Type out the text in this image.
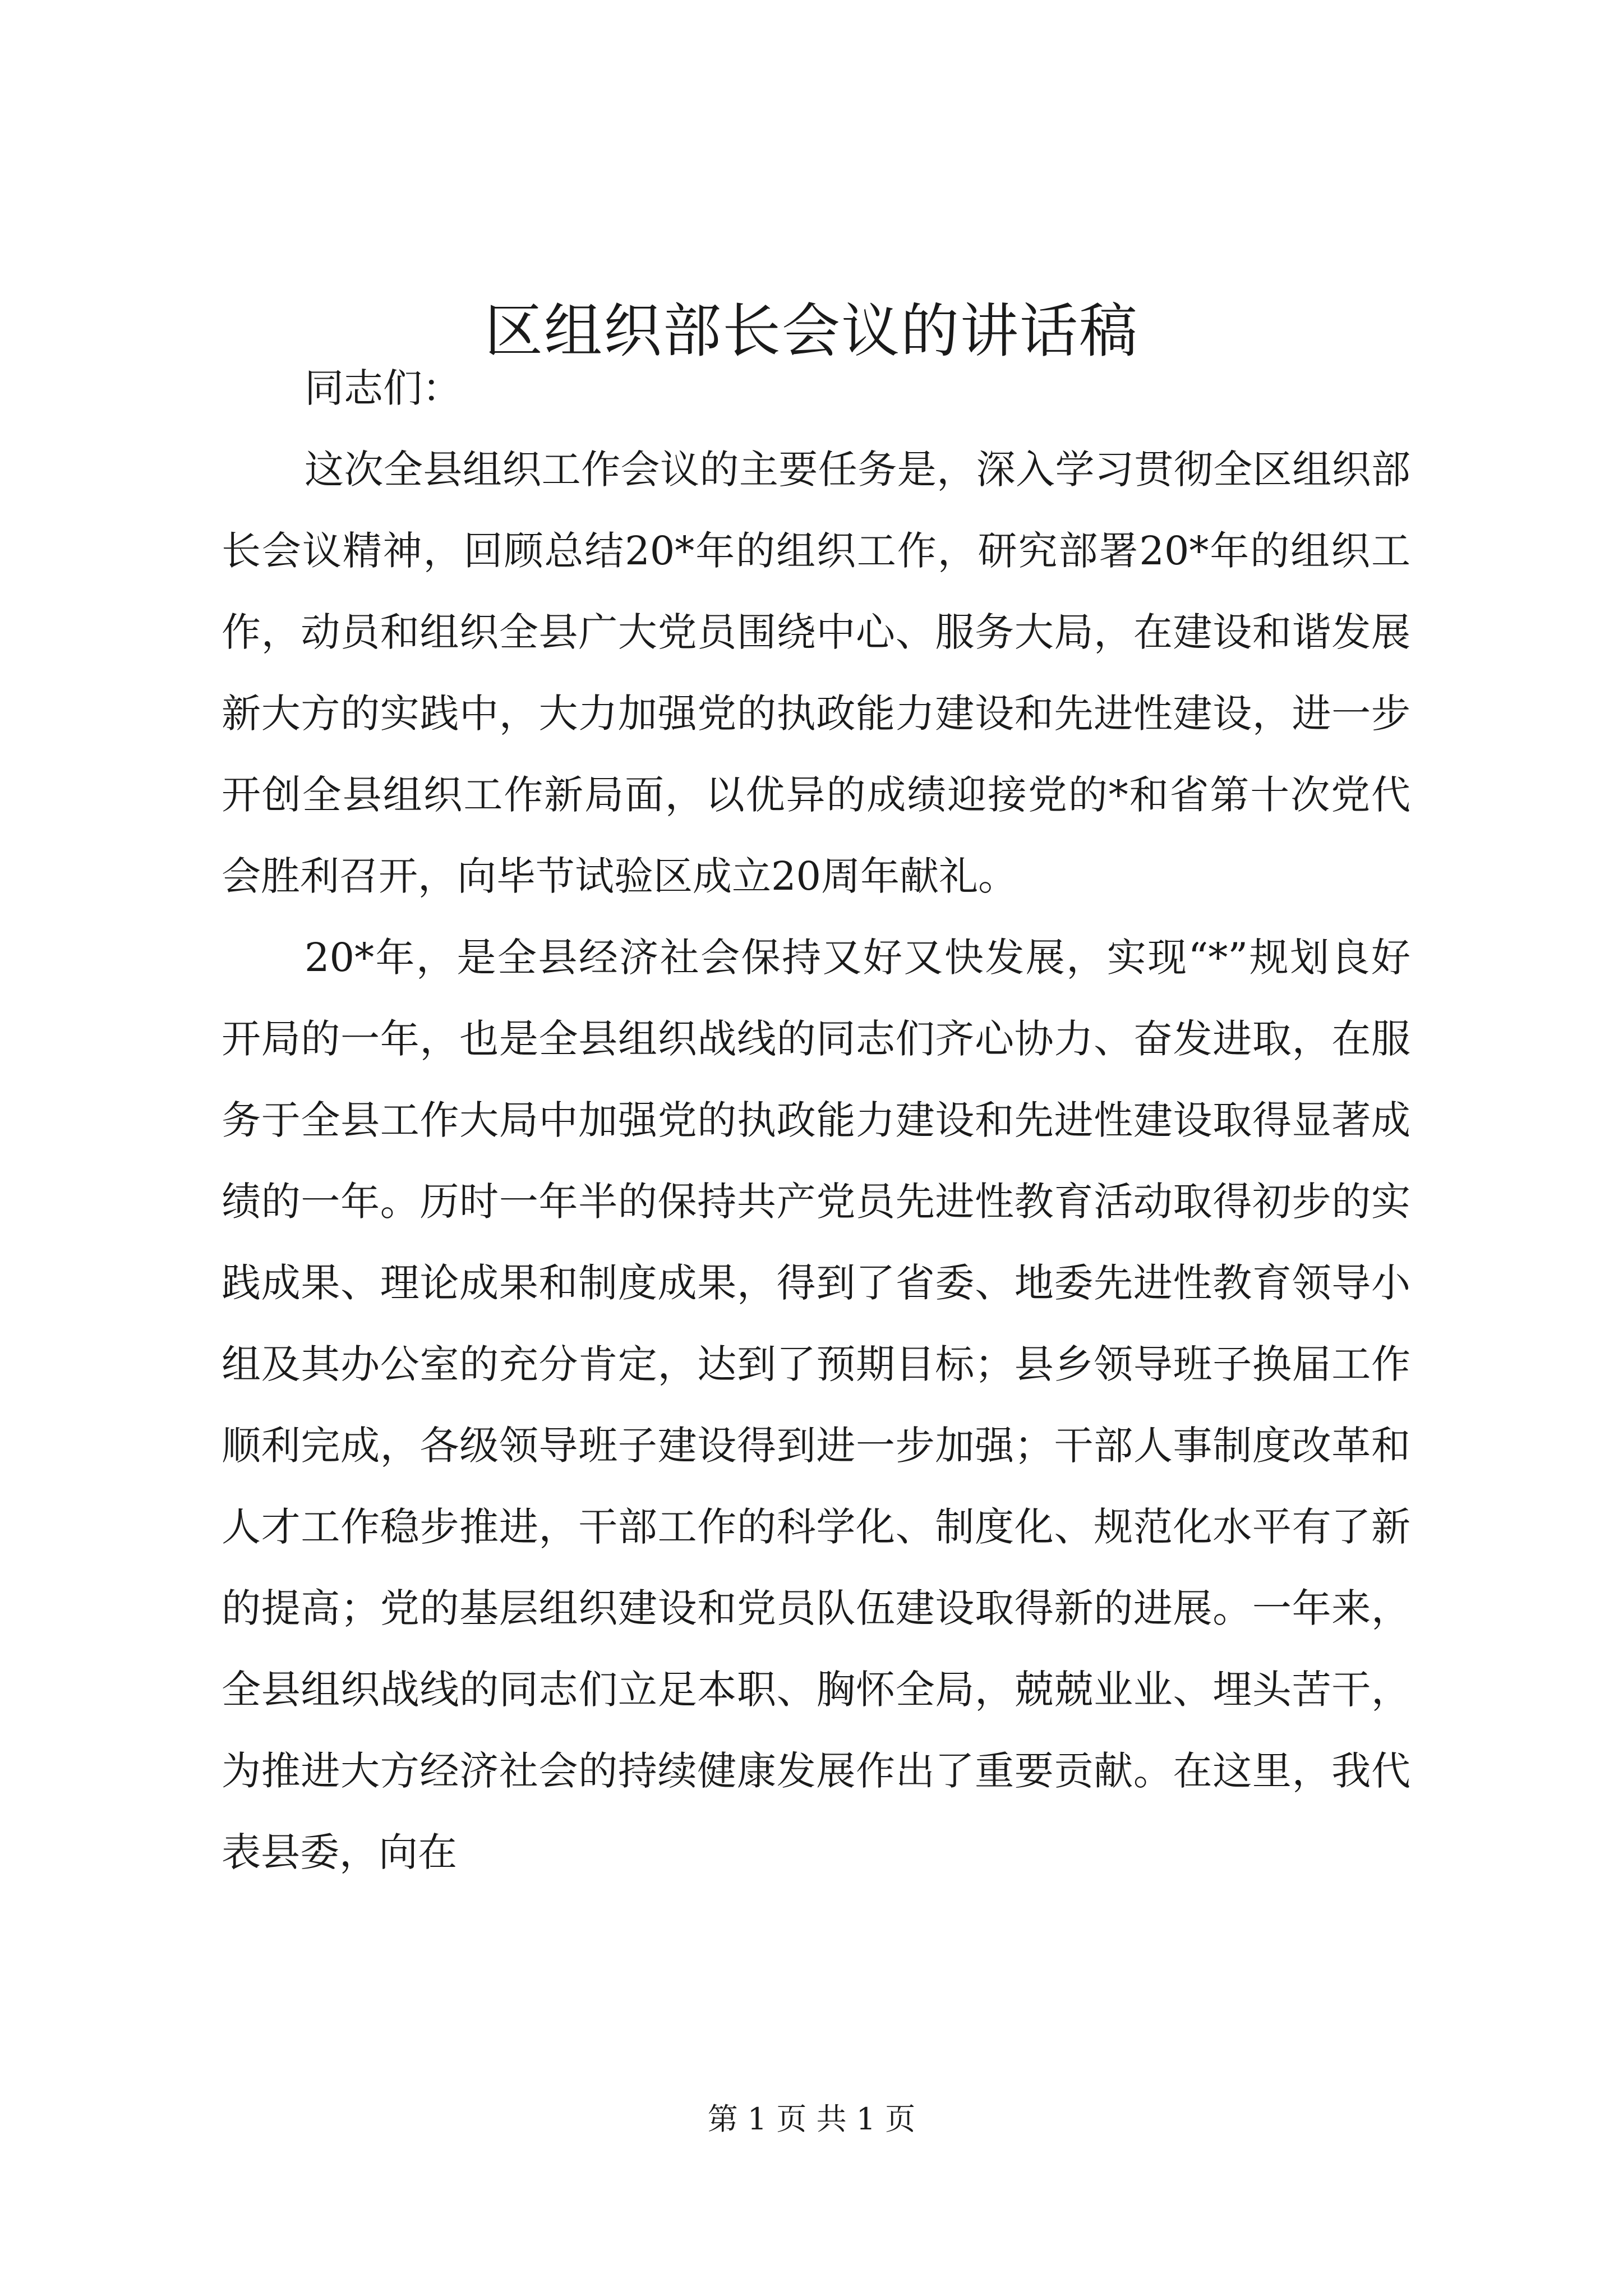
区组织部长会议的讲话稿

同志们：

这次全县组织工作会议的主要任务是，深入学习贯彻全区组织部长会议精神，回顾总结20*年的组织工作，研究部署20*年的组织工作，动员和组织全县广大党员围绕中心、服务大局，在建设和谐发展新大方的实践中，大力加强党的执政能力建设和先进性建设，进一步开创全县组织工作新局面，以优异的成绩迎接党的*和省第十次党代会胜利召开，向毕节试验区成立20周年献礼。

20*年，是全县经济社会保持又好又快发展，实现“*”规划良好开局的一年，也是全县组织战线的同志们齐心协力、奋发进取，在服务于全县工作大局中加强党的执政能力建设和先进性建设取得显著成绩的一年。历时一年半的保持共产党员先进性教育活动取得初步的实践成果、理论成果和制度成果，得到了省委、地委先进性教育领导小组及其办公室的充分肯定，达到了预期目标；县乡领导班子换届工作顺利完成，各级领导班子建设得到进一步加强；干部人事制度改革和人才工作稳步推进，干部工作的科学化、制度化、规范化水平有了新的提高；党的基层组织建设和党员队伍建设取得新的进展。一年来，全县组织战线的同志们立足本职、胸怀全局，兢兢业业、埋头苦干，为推进大方经济社会的持续健康发展作出了重要贡献。在这里，我代表县委，向在

第 1 页 共 1 页
